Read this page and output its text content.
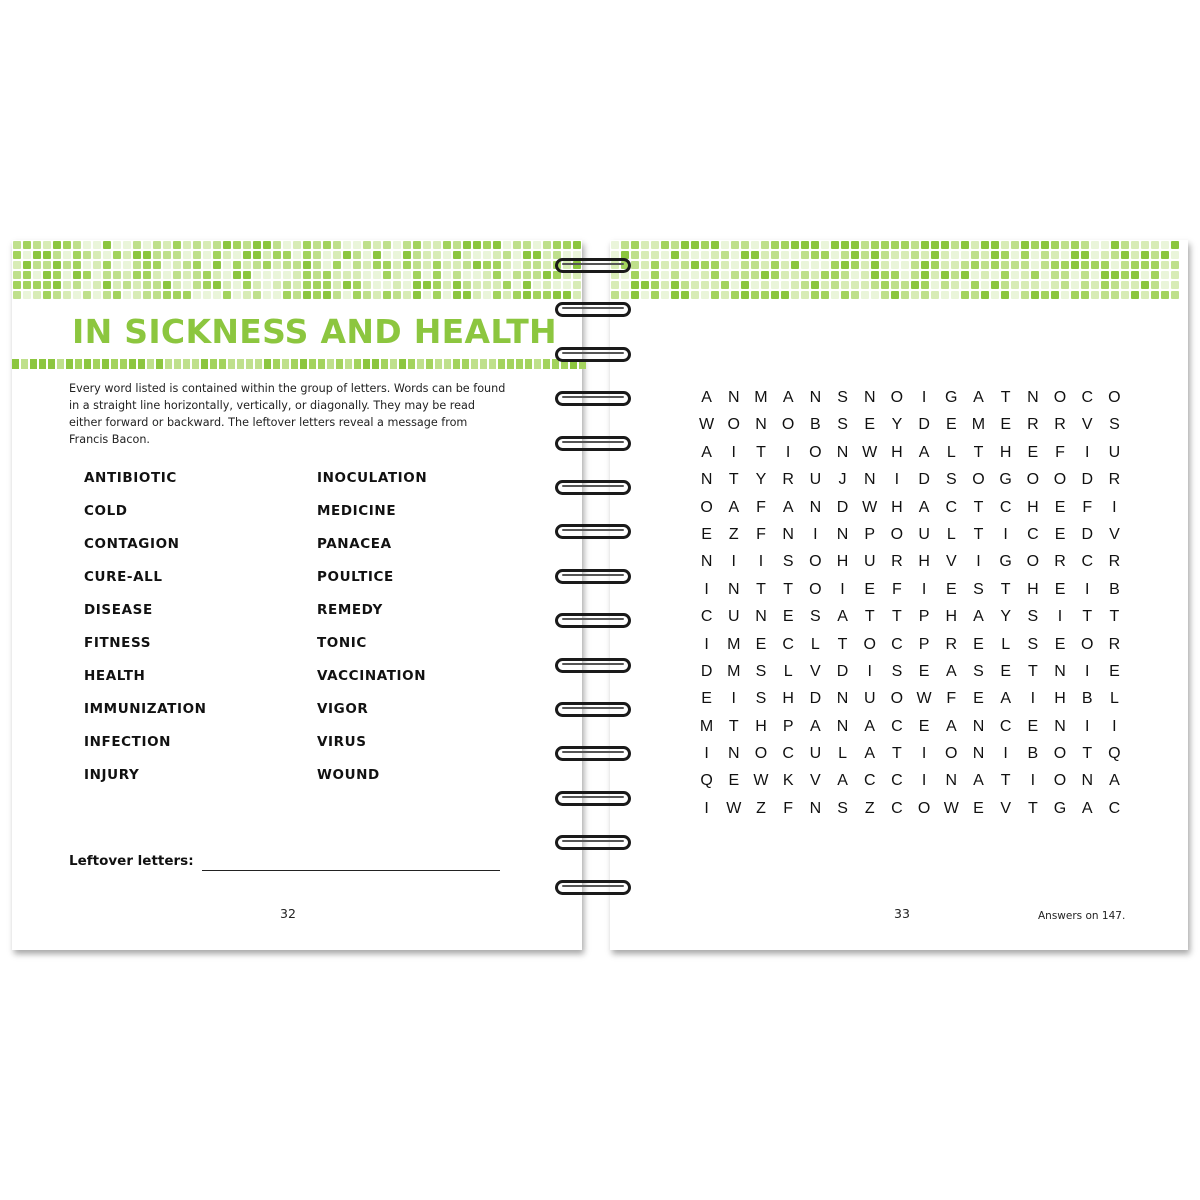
IN SICKNESS AND HEALTH
Every word listed is contained within the group of letters. Words can be found in a straight line horizontally, vertically, or diagonally. They may be read either forward or backward. The leftover letters reveal a message from Francis Bacon.
ANTIBIOTIC
COLD
CONTAGION
CURE-ALL
DISEASE
FITNESS
HEALTH
IMMUNIZATION
INFECTION
INJURY
INOCULATION
MEDICINE
PANACEA
POULTICE
REMEDY
TONIC
VACCINATION
VIGOR
VIRUS
WOUND
Leftover letters:
32
A N M A N S N O I G A T N O C O
W O N O B S E Y D E M E R R V S
A I T I O N W H A L T H E F I U
N T Y R U J N I D S O G O O D R
O A F A N D W H A C T C H E F I
E Z F N I N P O U L T I C E D V
N I I S O H U R H V I G O R C R
I N T T O I E F I E S T H E I B
C U N E S A T T P H A Y S I T T
I M E C L T O C P R E L S E O R
D M S L V D I S E A S E T N I E
E I S H D N U O W F E A I H B L
M T H P A N A C E A N C E N I I
I N O C U L A T I O N I B O T Q
Q E W K V A C C I N A T I O N A
I W Z F N S Z C O W E V T G A C
33	Answers on 147.
